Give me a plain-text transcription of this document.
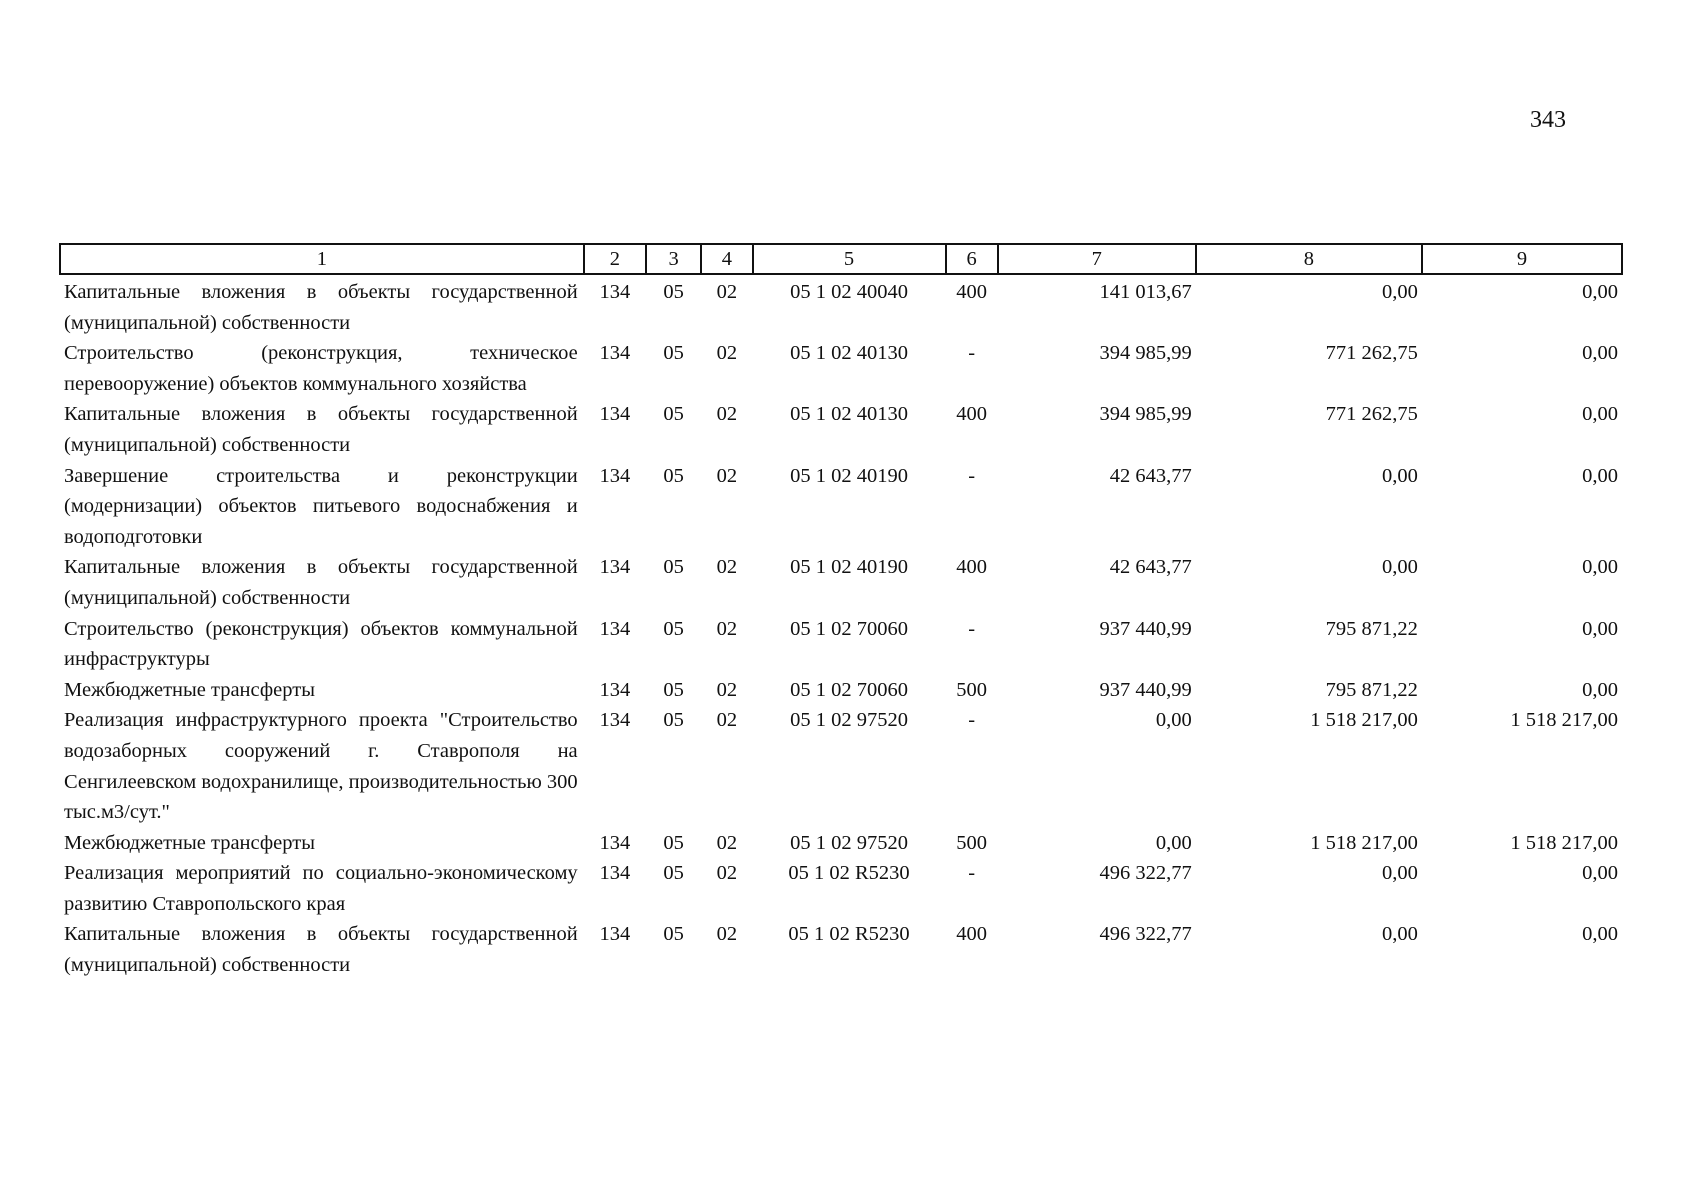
343
1	2	3	4	5	6	7	8	9
Капитальные вложения в объекты государственной (муниципальной) собственности	134	05	02	05 1 02 40040	400	141 013,67	0,00	0,00
Строительство (реконструкция, техническое перевооружение) объектов коммунального хозяйства	134	05	02	05 1 02 40130	-	394 985,99	771 262,75	0,00
Капитальные вложения в объекты государственной (муниципальной) собственности	134	05	02	05 1 02 40130	400	394 985,99	771 262,75	0,00
Завершение строительства и реконструкции (модернизации) объектов питьевого водоснабжения и водоподготовки	134	05	02	05 1 02 40190	-	42 643,77	0,00	0,00
Капитальные вложения в объекты государственной (муниципальной) собственности	134	05	02	05 1 02 40190	400	42 643,77	0,00	0,00
Строительство (реконструкция) объектов коммунальной инфраструктуры	134	05	02	05 1 02 70060	-	937 440,99	795 871,22	0,00
Межбюджетные трансферты	134	05	02	05 1 02 70060	500	937 440,99	795 871,22	0,00
Реализация инфраструктурного проекта "Строительство водозаборных сооружений г. Ставрополя на Сенгилеевском водохранилище, производительностью 300 тыс.м3/сут."	134	05	02	05 1 02 97520	-	0,00	1 518 217,00	1 518 217,00
Межбюджетные трансферты	134	05	02	05 1 02 97520	500	0,00	1 518 217,00	1 518 217,00
Реализация мероприятий по социально-экономическому развитию Ставропольского края	134	05	02	05 1 02 R5230	-	496 322,77	0,00	0,00
Капитальные вложения в объекты государственной (муниципальной) собственности	134	05	02	05 1 02 R5230	400	496 322,77	0,00	0,00
